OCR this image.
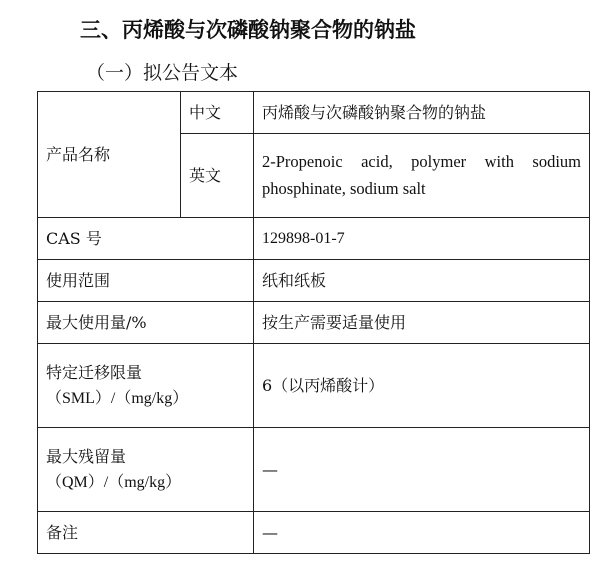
三、丙烯酸与次磷酸钠聚合物的钠盐
（一）拟公告文本
产品名称	中文	丙烯酸与次磷酸钠聚合物的钠盐
	英文	2-Propenoic acid, polymer with sodium phosphinate, sodium salt
CAS 号		129898-01-7
使用范围		纸和纸板
最大使用量/%		按生产需要适量使用

特定迁移限量
（SML）/（mg/kg）		6（以丙烯酸计）

最大残留量
（QM）/（mg/kg）		—
备注		—
